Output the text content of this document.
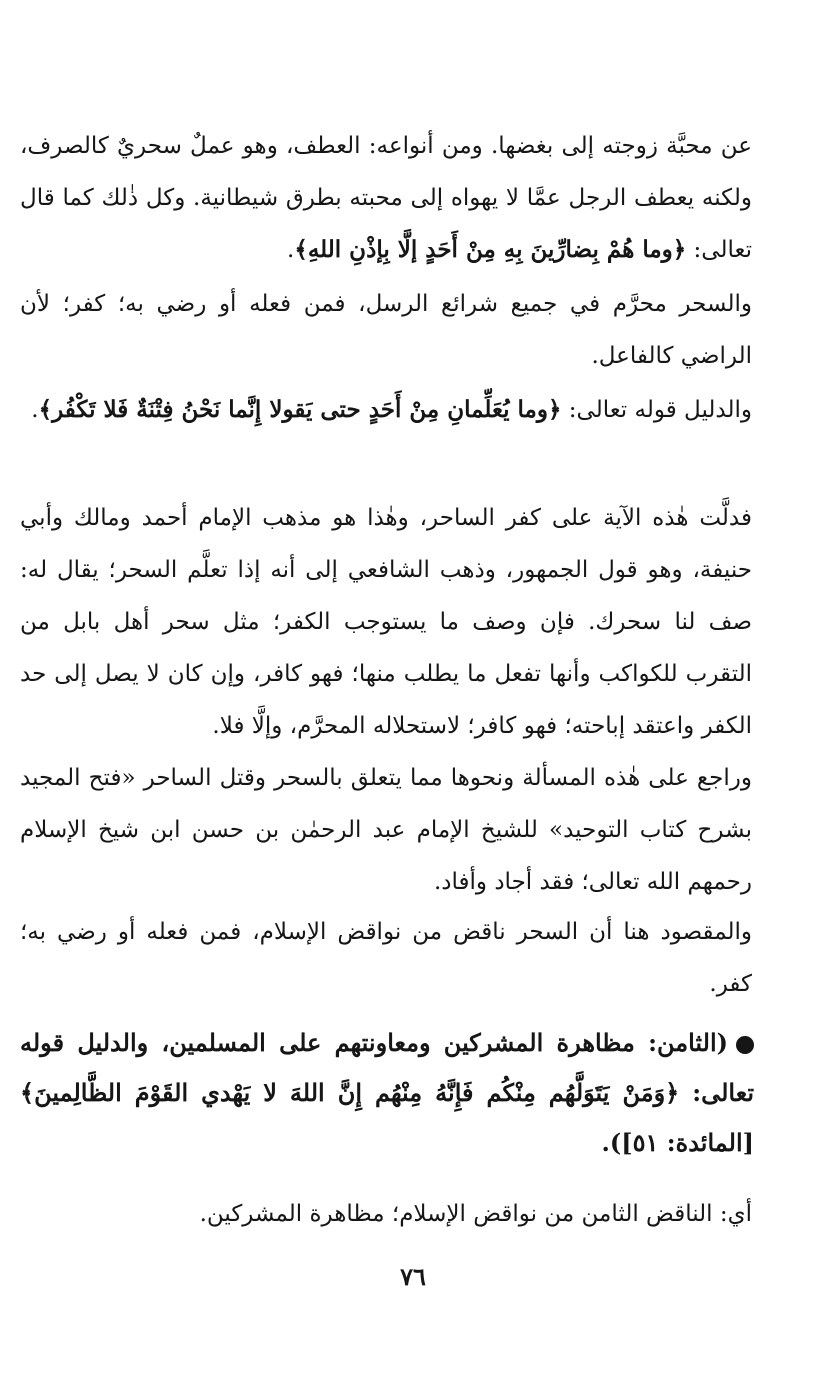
عن محبَّة زوجته إلى بغضها. ومن أنواعه: العطف، وهو عملٌ سحريٌ كالصرف، ولكنه يعطف الرجل عمَّا لا يهواه إلى محبته بطرق شيطانية. وكل ذٰلك كما قال تعالى: ﴿وما هُمْ بِضارِّينَ بِهِ مِنْ أَحَدٍ إلَّا بِإذْنِ اللهِ﴾.

والسحر محرَّم في جميع شرائع الرسل، فمن فعله أو رضي به؛ كفر؛ لأن الراضي كالفاعل.

والدليل قوله تعالى: ﴿وما يُعَلِّمانِ مِنْ أَحَدٍ حتى يَقولا إِنَّما نَحْنُ فِتْنَةٌ فَلا تَكْفُر﴾.

فدلَّت هٰذه الآية على كفر الساحر، وهٰذا هو مذهب الإمام أحمد ومالك وأبي حنيفة، وهو قول الجمهور، وذهب الشافعي إلى أنه إذا تعلَّم السحر؛ يقال له: صف لنا سحرك. فإن وصف ما يستوجب الكفر؛ مثل سحر أهل بابل من التقرب للكواكب وأنها تفعل ما يطلب منها؛ فهو كافر، وإن كان لا يصل إلى حد الكفر واعتقد إباحته؛ فهو كافر؛ لاستحلاله المحرَّم، وإلَّا فلا.

وراجع على هٰذه المسألة ونحوها مما يتعلق بالسحر وقتل الساحر «فتح المجيد بشرح كتاب التوحيد» للشيخ الإمام عبد الرحمٰن بن حسن ابن شيخ الإسلام رحمهم الله تعالى؛ فقد أجاد وأفاد.

والمقصود هنا أن السحر ناقض من نواقض الإسلام، فمن فعله أو رضي به؛ كفر.

(الثامن: مظاهرة المشركين ومعاونتهم على المسلمين، والدليل قوله تعالى: ﴿وَمَنْ يَتَوَلَّهُم مِنْكُم فَإِنَّهُ مِنْهُم إِنَّ اللهَ لا يَهْدي القَوْمَ الظَّالِمينَ﴾ [المائدة: ٥١]).

أي: الناقض الثامن من نواقض الإسلام؛ مظاهرة المشركين.

٧٦
